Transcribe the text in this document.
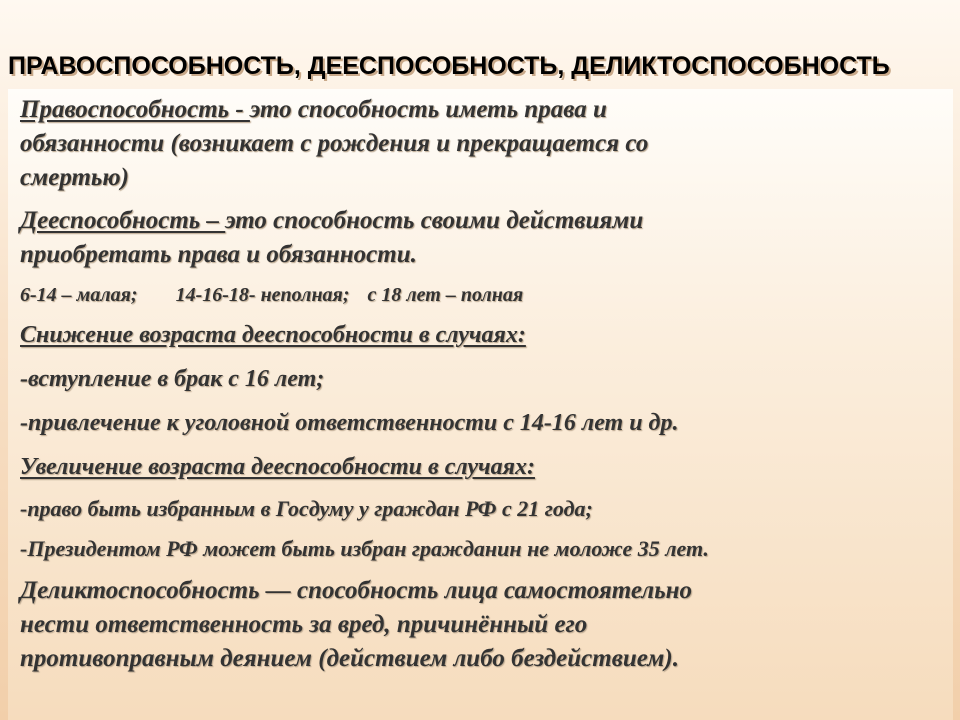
ПРАВОСПОСОБНОСТЬ, ДЕЕСПОСОБНОСТЬ, ДЕЛИКТОСПОСОБНОСТЬ

Правоспособность - это способность иметь права и
обязанности (возникает с рождения и прекращается со
смертью)

Дееспособность – это способность своими действиями
приобретать права и обязанности.

6-14 – малая; 14-16-18- неполная; с 18 лет – полная

Снижение возраста дееспособности в случаях:

-вступление в брак с 16 лет;

-привлечение к уголовной ответственности с 14-16 лет и др.

Увеличение возраста дееспособности в случаях:

-право быть избранным в Госдуму у граждан РФ с 21 года;

-Президентом РФ может быть избран гражданин не моложе 35 лет.

Деликтоспособность — способность лица самостоятельно
нести ответственность за вред, причинённый его
противоправным деянием (действием либо бездействием).
